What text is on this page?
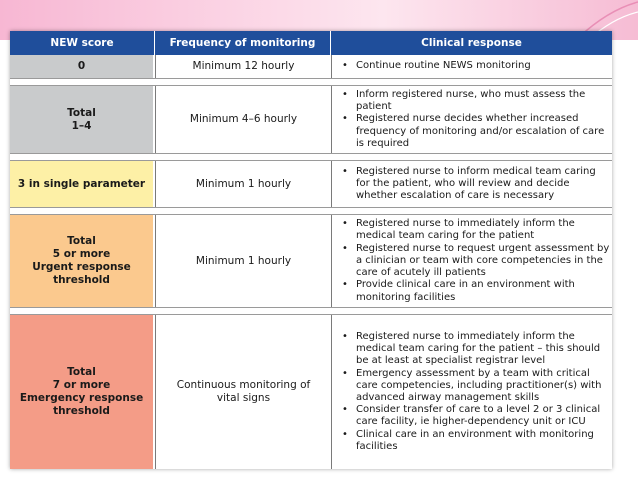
NEW score	Frequency of monitoring	Clinical response
0	Minimum 12 hourly
•	Continue routine NEWS monitoring
Total
1–4
Minimum 4–6 hourly
• Inform registered nurse, who must assess the patient
• Registered nurse decides whether increased frequency of monitoring and/or escalation of care is required
3 in single parameter	Minimum 1 hourly
• Registered nurse to inform medical team caring for the patient, who will review and decide whether escalation of care is necessary
Total
5 or more
Urgent response
threshold
Minimum 1 hourly
• Registered nurse to immediately inform the medical team caring for the patient
• Registered nurse to request urgent assessment by a clinician or team with core competencies in the care of acutely ill patients
• Provide clinical care in an environment with monitoring facilities
Total
7 or more
Emergency response
threshold
Continuous monitoring of
vital signs
• Registered nurse to immediately inform the medical team caring for the patient – this should be at least at specialist registrar level
• Emergency assessment by a team with critical care competencies, including practitioner(s) with advanced airway management skills
• Consider transfer of care to a level 2 or 3 clinical care facility, ie higher-dependency unit or ICU
• Clinical care in an environment with monitoring facilities
